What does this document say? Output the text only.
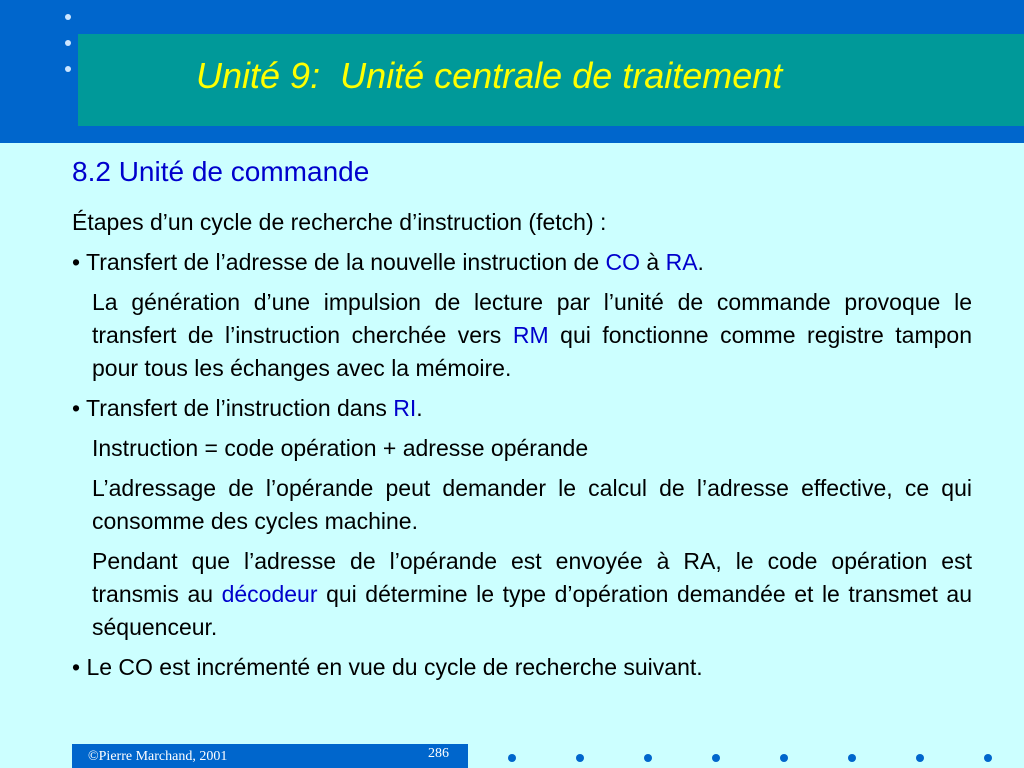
Unité 9:  Unité centrale de traitement
8.2 Unité de commande

Étapes d’un cycle de recherche d’instruction (fetch) :

• Transfert de l’adresse de la nouvelle instruction de CO à RA.

La génération d’une impulsion de lecture par l’unité de commande provoque le transfert de l’instruction cherchée vers RM qui fonctionne comme registre tampon pour tous les échanges avec la mémoire.

• Transfert de l’instruction dans RI.

Instruction = code opération + adresse opérande

L’adressage de l’opérande peut demander le calcul de l’adresse effective, ce qui consomme des cycles machine.

Pendant que l’adresse de l’opérande est envoyée à RA, le code opération est transmis au décodeur qui détermine le type d’opération demandée et le transmet au séquenceur.

• Le CO est incrémenté en vue du cycle de recherche suivant.

©Pierre Marchand, 2001	286
